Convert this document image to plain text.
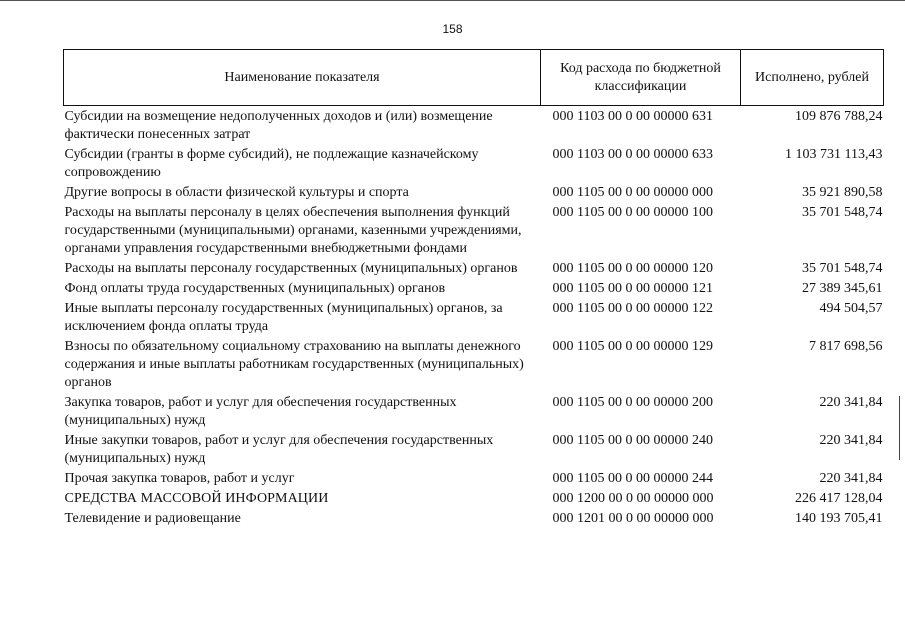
158
Наименование показателя	Код расхода по бюджетной классификации	Исполнено, рублей
Субсидии на возмещение недополученных доходов и (или) возмещение фактически понесенных затрат	000 1103 00 0 00 00000 631	109 876 788,24
Субсидии (гранты в форме субсидий), не подлежащие казначейскому сопровождению	000 1103 00 0 00 00000 633	1 103 731 113,43
Другие вопросы в области физической культуры и спорта	000 1105 00 0 00 00000 000	35 921 890,58
Расходы на выплаты персоналу в целях обеспечения выполнения функций государственными (муниципальными) органами, казенными учреждениями, органами управления государственными внебюджетными фондами	000 1105 00 0 00 00000 100	35 701 548,74
Расходы на выплаты персоналу государственных (муниципальных) органов	000 1105 00 0 00 00000 120	35 701 548,74
Фонд оплаты труда государственных (муниципальных) органов	000 1105 00 0 00 00000 121	27 389 345,61
Иные выплаты персоналу государственных (муниципальных) органов, за исключением фонда оплаты труда	000 1105 00 0 00 00000 122	494 504,57
Взносы по обязательному социальному страхованию на выплаты денежного содержания и иные выплаты работникам государственных (муниципальных) органов	000 1105 00 0 00 00000 129	7 817 698,56
Закупка товаров, работ и услуг для обеспечения государственных (муниципальных) нужд	000 1105 00 0 00 00000 200	220 341,84
Иные закупки товаров, работ и услуг для обеспечения государственных (муниципальных) нужд	000 1105 00 0 00 00000 240	220 341,84
Прочая закупка товаров, работ и услуг	000 1105 00 0 00 00000 244	220 341,84
СРЕДСТВА МАССОВОЙ ИНФОРМАЦИИ	000 1200 00 0 00 00000 000	226 417 128,04
Телевидение и радиовещание	000 1201 00 0 00 00000 000	140 193 705,41
